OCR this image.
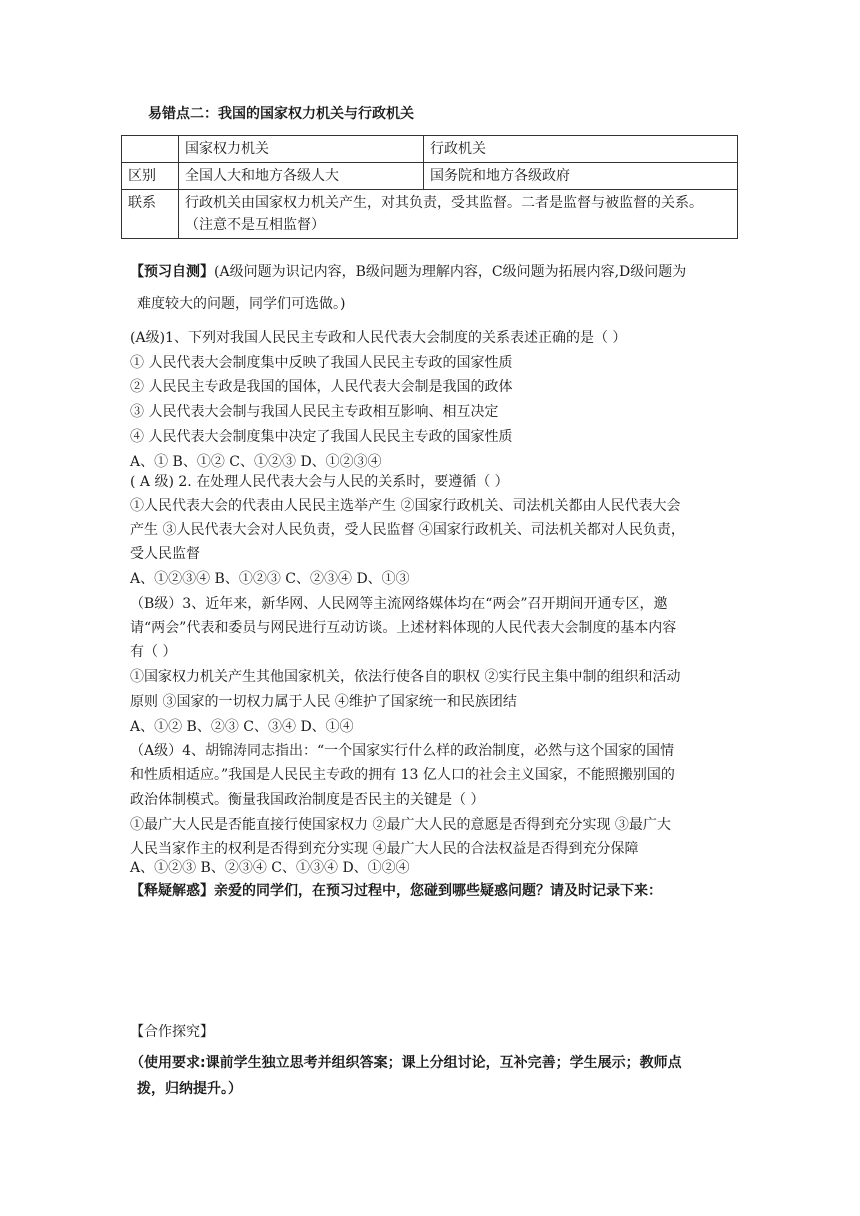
易错点二：我国的国家权力机关与行政机关
	国家权力机关	行政机关
区别	全国人大和地方各级人大	国务院和地方各级政府
联系	行政机关由国家权力机关产生，对其负责，受其监督。二者是监督与被监督的关系。
（注意不是互相监督）	
【预习自测】(A级问题为识记内容，B级问题为理解内容，C级问题为拓展内容,D级问题为
难度较大的问题，同学们可选做。)
(A级)1、下列对我国人民民主专政和人民代表大会制度的关系表述正确的是（ ）
① 人民代表大会制度集中反映了我国人民民主专政的国家性质
② 人民民主专政是我国的国体，人民代表大会制是我国的政体
③ 人民代表大会制与我国人民民主专政相互影响、相互决定
④ 人民代表大会制度集中决定了我国人民民主专政的国家性质
A、① B、①② C、①②③ D、①②③④
( A 级) 2. 在处理人民代表大会与人民的关系时，要遵循（ ）
①人民代表大会的代表由人民民主选举产生 ②国家行政机关、司法机关都由人民代表大会
产生 ③人民代表大会对人民负责，受人民监督 ④国家行政机关、司法机关都对人民负责，
受人民监督
A、①②③④ B、①②③ C、②③④ D、①③
（B级）3、近年来，新华网、人民网等主流网络媒体均在“两会”召开期间开通专区，邀
请“两会”代表和委员与网民进行互动访谈。上述材料体现的人民代表大会制度的基本内容
有（ ）
①国家权力机关产生其他国家机关，依法行使各自的职权 ②实行民主集中制的组织和活动
原则 ③国家的一切权力属于人民 ④维护了国家统一和民族团结
A、①② B、②③ C、③④ D、①④
（A级）4、胡锦涛同志指出：“一个国家实行什么样的政治制度，必然与这个国家的国情
和性质相适应。”我国是人民民主专政的拥有 13 亿人口的社会主义国家，不能照搬别国的
政治体制模式。衡量我国政治制度是否民主的关键是（ ）
①最广大人民是否能直接行使国家权力 ②最广大人民的意愿是否得到充分实现 ③最广大
人民当家作主的权利是否得到充分实现 ④最广大人民的合法权益是否得到充分保障
A、①②③ B、②③④ C、①③④ D、①②④
【释疑解惑】亲爱的同学们，在预习过程中，您碰到哪些疑惑问题？请及时记录下来：
【合作探究】
（使用要求:课前学生独立思考并组织答案；课上分组讨论，互补完善；学生展示；教师点
拨，归纳提升。）
